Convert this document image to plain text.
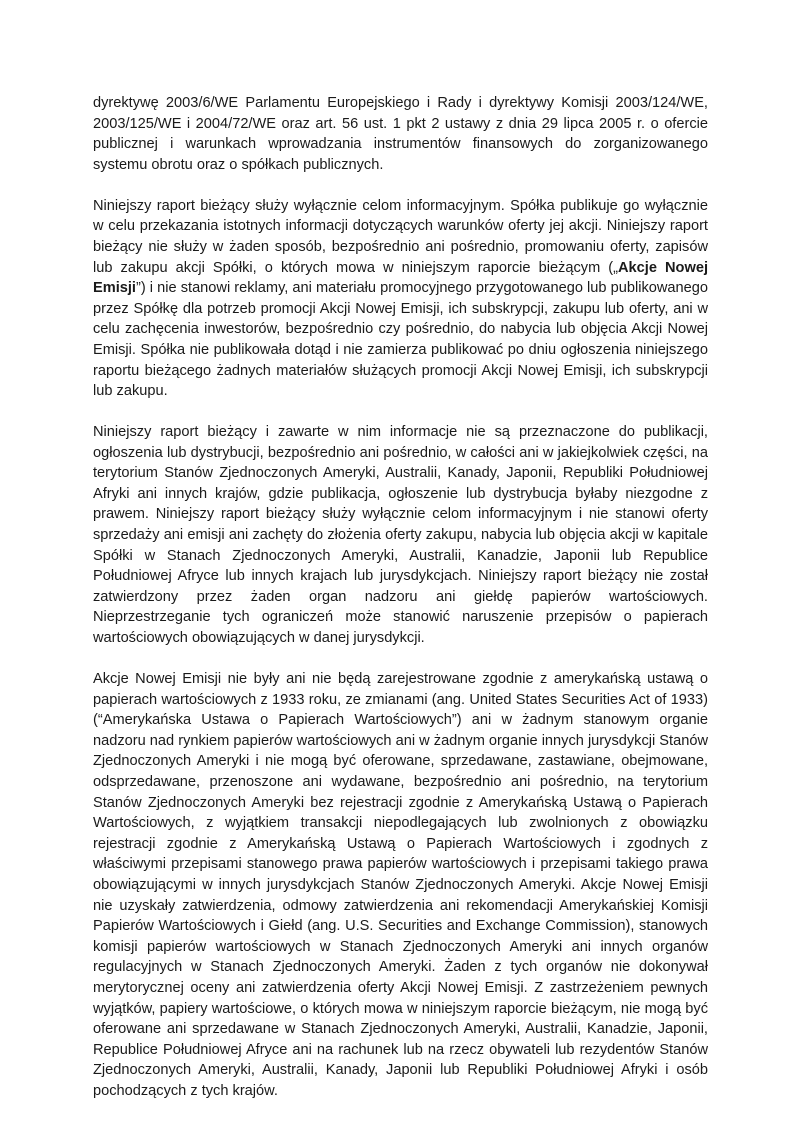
dyrektywę 2003/6/WE Parlamentu Europejskiego i Rady i dyrektywy Komisji 2003/124/WE, 2003/125/WE i 2004/72/WE oraz art. 56 ust. 1 pkt 2 ustawy z dnia 29 lipca 2005 r. o ofercie publicznej i warunkach wprowadzania instrumentów finansowych do zorganizowanego systemu obrotu oraz o spółkach publicznych.

Niniejszy raport bieżący służy wyłącznie celom informacyjnym. Spółka publikuje go wyłącznie w celu przekazania istotnych informacji dotyczących warunków oferty jej akcji. Niniejszy raport bieżący nie służy w żaden sposób, bezpośrednio ani pośrednio, promowaniu oferty, zapisów lub zakupu akcji Spółki, o których mowa w niniejszym raporcie bieżącym („Akcje Nowej Emisji”) i nie stanowi reklamy, ani materiału promocyjnego przygotowanego lub publikowanego przez Spółkę dla potrzeb promocji Akcji Nowej Emisji, ich subskrypcji, zakupu lub oferty, ani w celu zachęcenia inwestorów, bezpośrednio czy pośrednio, do nabycia lub objęcia Akcji Nowej Emisji. Spółka nie publikowała dotąd i nie zamierza publikować po dniu ogłoszenia niniejszego raportu bieżącego żadnych materiałów służących promocji Akcji Nowej Emisji, ich subskrypcji lub zakupu.

Niniejszy raport bieżący i zawarte w nim informacje nie są przeznaczone do publikacji, ogłoszenia lub dystrybucji, bezpośrednio ani pośrednio, w całości ani w jakiejkolwiek części, na terytorium Stanów Zjednoczonych Ameryki, Australii, Kanady, Japonii, Republiki Południowej Afryki ani innych krajów, gdzie publikacja, ogłoszenie lub dystrybucja byłaby niezgodne z prawem. Niniejszy raport bieżący służy wyłącznie celom informacyjnym i nie stanowi oferty sprzedaży ani emisji ani zachęty do złożenia oferty zakupu, nabycia lub objęcia akcji w kapitale Spółki w Stanach Zjednoczonych Ameryki, Australii, Kanadzie, Japonii lub Republice Południowej Afryce lub innych krajach lub jurysdykcjach. Niniejszy raport bieżący nie został zatwierdzony przez żaden organ nadzoru ani giełdę papierów wartościowych. Nieprzestrzeganie tych ograniczeń może stanowić naruszenie przepisów o papierach wartościowych obowiązujących w danej jurysdykcji.

Akcje Nowej Emisji nie były ani nie będą zarejestrowane zgodnie z amerykańską ustawą o papierach wartościowych z 1933 roku, ze zmianami (ang. United States Securities Act of 1933) (“Amerykańska Ustawa o Papierach Wartościowych”) ani w żadnym stanowym organie nadzoru nad rynkiem papierów wartościowych ani w żadnym organie innych jurysdykcji Stanów Zjednoczonych Ameryki i nie mogą być oferowane, sprzedawane, zastawiane, obejmowane, odsprzedawane, przenoszone ani wydawane, bezpośrednio ani pośrednio, na terytorium Stanów Zjednoczonych Ameryki bez rejestracji zgodnie z Amerykańską Ustawą o Papierach Wartościowych, z wyjątkiem transakcji niepodlegających lub zwolnionych z obowiązku rejestracji zgodnie z Amerykańską Ustawą o Papierach Wartościowych i zgodnych z właściwymi przepisami stanowego prawa papierów wartościowych i przepisami takiego prawa obowiązującymi w innych jurysdykcjach Stanów Zjednoczonych Ameryki. Akcje Nowej Emisji nie uzyskały zatwierdzenia, odmowy zatwierdzenia ani rekomendacji Amerykańskiej Komisji Papierów Wartościowych i Giełd (ang. U.S. Securities and Exchange Commission), stanowych komisji papierów wartościowych w Stanach Zjednoczonych Ameryki ani innych organów regulacyjnych w Stanach Zjednoczonych Ameryki. Żaden z tych organów nie dokonywał merytorycznej oceny ani zatwierdzenia oferty Akcji Nowej Emisji. Z zastrzeżeniem pewnych wyjątków, papiery wartościowe, o których mowa w niniejszym raporcie bieżącym, nie mogą być oferowane ani sprzedawane w Stanach Zjednoczonych Ameryki, Australii, Kanadzie, Japonii, Republice Południowej Afryce ani na rachunek lub na rzecz obywateli lub rezydentów Stanów Zjednoczonych Ameryki, Australii, Kanady, Japonii lub Republiki Południowej Afryki i osób pochodzących z tych krajów.
